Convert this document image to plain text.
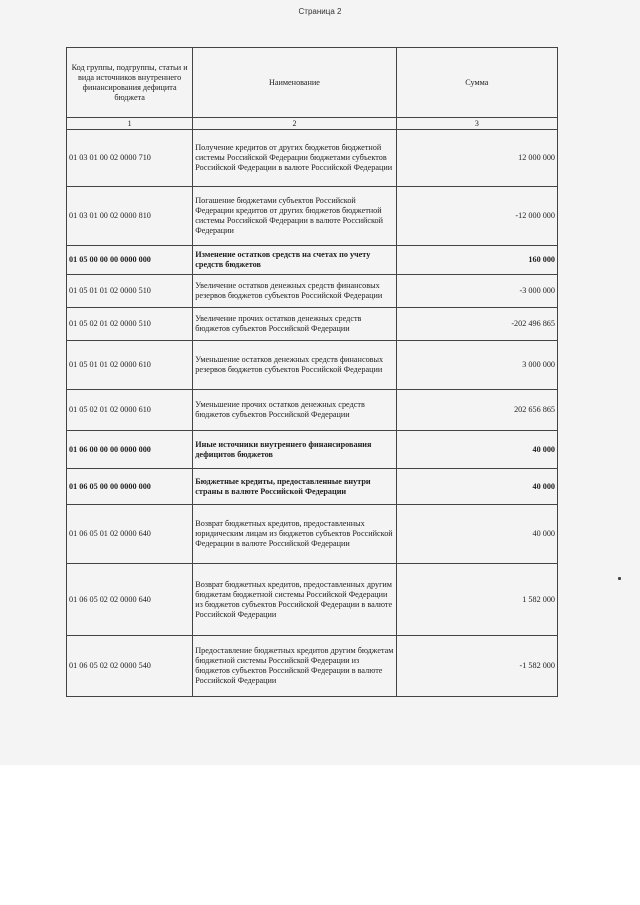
Страница 2
Код группы, подгруппы, статьи и вида источников внутреннего финансирования дефицита бюджета	Наименование	Сумма
1	2	3
01 03 01 00 02 0000 710	Получение кредитов от других бюджетов бюджетной системы Российской Федерации бюджетами субъектов Российской Федерации в валюте Российской Федерации	12 000 000
01 03 01 00 02 0000 810	Погашение бюджетами субъектов Российской Федерации кредитов от других бюджетов бюджетной системы Российской Федерации в валюте Российской Федерации	-12 000 000
01 05 00 00 00 0000 000	Изменение остатков средств на счетах по учету средств бюджетов	160 000
01 05 01 01 02 0000 510	Увеличение остатков денежных средств финансовых резервов бюджетов субъектов Российской Федерации	-3 000 000
01 05 02 01 02 0000 510	Увеличение прочих остатков денежных средств бюджетов субъектов Российской Федерации	-202 496 865
01 05 01 01 02 0000 610	Уменьшение остатков денежных средств финансовых резервов бюджетов субъектов Российской Федерации	3 000 000
01 05 02 01 02 0000 610	Уменьшение прочих остатков денежных средств бюджетов субъектов Российской Федерации	202 656 865
01 06 00 00 00 0000 000	Иные источники внутреннего финансирования дефицитов бюджетов	40 000
01 06 05 00 00 0000 000	Бюджетные кредиты, предоставленные внутри страны в валюте Российской Федерации	40 000
01 06 05 01 02 0000 640	Возврат бюджетных кредитов, предоставленных юридическим лицам из бюджетов субъектов Российской Федерации в валюте Российской Федерации	40 000
01 06 05 02 02 0000 640	Возврат бюджетных кредитов, предоставленных другим бюджетам бюджетной системы Российской Федерации из бюджетов субъектов Российской Федерации в валюте Российской Федерации	1 582 000
01 06 05 02 02 0000 540	Предоставление бюджетных кредитов другим бюджетам бюджетной системы Российской Федерации из бюджетов субъектов Российской Федерации в валюте Российской Федерации	-1 582 000
